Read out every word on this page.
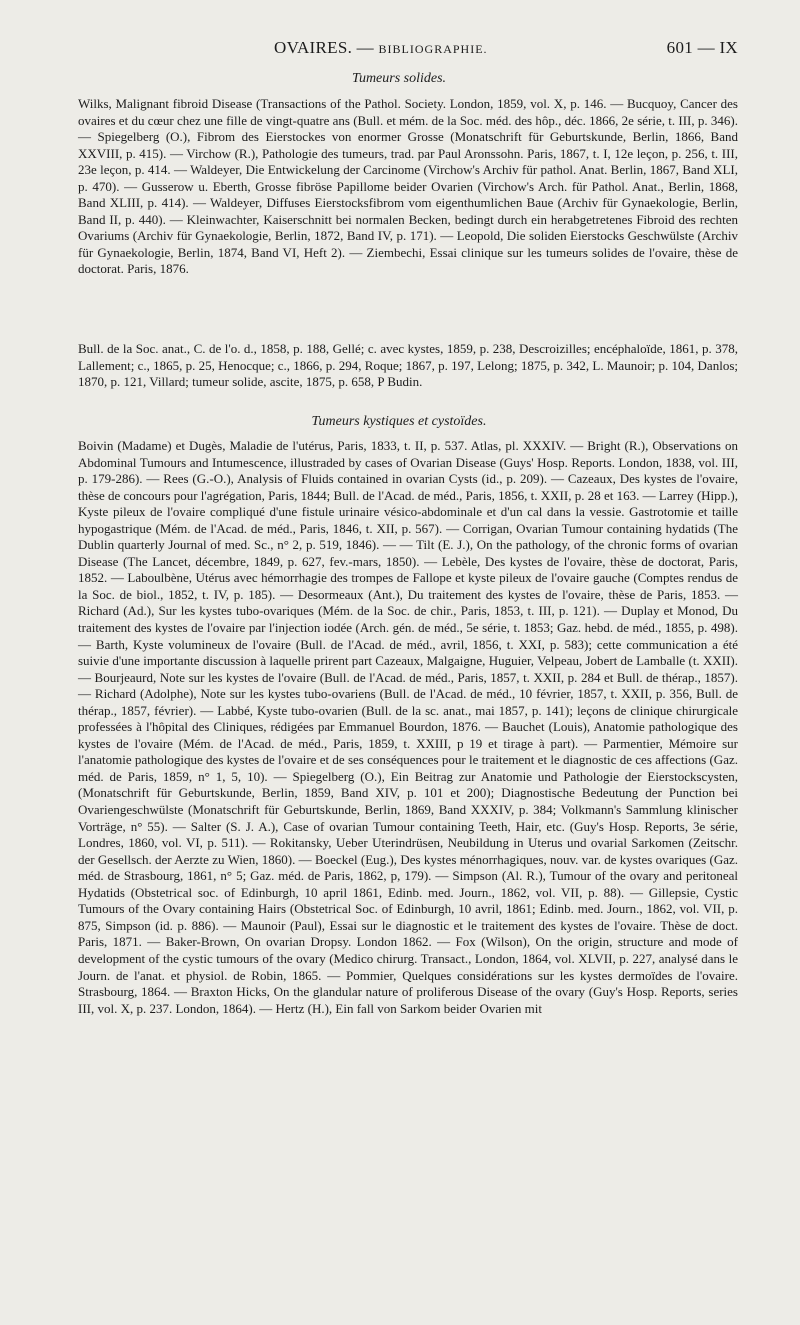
OVAIRES. — BIBLIOGRAPHIE.	601 — IX
Tumeurs solides.

Wilks, Malignant fibroid Disease (Transactions of the Pathol. Society. London, 1859, vol. X, p. 146. — Bucquoy, Cancer des ovaires et du cœur chez une fille de vingt-quatre ans (Bull. et mém. de la Soc. méd. des hôp., déc. 1866, 2e série, t. III, p. 346). — Spiegelberg (O.), Fibrom des Eierstockes von enormer Grosse (Monatschrift für Geburtskunde, Berlin, 1866, Band XXVIII, p. 415). — Virchow (R.), Pathologie des tumeurs, trad. par Paul Aronssohn. Paris, 1867, t. I, 12e leçon, p. 256, t. III, 23e leçon, p. 414. — Waldeyer, Die Entwickelung der Carcinome (Virchow's Archiv für pathol. Anat. Berlin, 1867, Band XLI, p. 470). — Gusserow u. Eberth, Grosse fibröse Papillome beider Ovarien (Virchow's Arch. für Pathol. Anat., Berlin, 1868, Band XLIII, p. 414). — Waldeyer, Diffuses Eierstocksfibrom vom eigenthumlichen Baue (Archiv für Gynaekologie, Berlin, Band II, p. 440). — Kleinwachter, Kaiserschnitt bei normalen Becken, bedingt durch ein herabgetretenes Fibroid des rechten Ovariums (Archiv für Gynaekologie, Berlin, 1872, Band IV, p. 171). — Leopold, Die soliden Eierstocks Geschwülste (Archiv für Gynaekologie, Berlin, 1874, Band VI, Heft 2). — Ziembechi, Essai clinique sur les tumeurs solides de l'ovaire, thèse de doctorat. Paris, 1876.

Bull. de la Soc. anat., C. de l'o. d., 1858, p. 188, Gellé; c. avec kystes, 1859, p. 238, Descroizilles; encéphaloïde, 1861, p. 378, Lallement; c., 1865, p. 25, Henocque; c., 1866, p. 294, Roque; 1867, p. 197, Lelong; 1875, p. 342, L. Maunoir; p. 104, Danlos; 1870, p. 121, Villard; tumeur solide, ascite, 1875, p. 658, P Budin.

Tumeurs kystiques et cystoïdes.

Boivin (Madame) et Dugès, Maladie de l'utérus, Paris, 1833, t. II, p. 537. Atlas, pl. XXXIV. — Bright (R.), Observations on Abdominal Tumours and Intumescence, illustraded by cases of Ovarian Disease (Guys' Hosp. Reports. London, 1838, vol. III, p. 179-286). — Rees (G.-O.), Analysis of Fluids contained in ovarian Cysts (id., p. 209). — Cazeaux, Des kystes de l'ovaire, thèse de concours pour l'agrégation, Paris, 1844; Bull. de l'Acad. de méd., Paris, 1856, t. XXII, p. 28 et 163. — Larrey (Hipp.), Kyste pileux de l'ovaire compliqué d'une fistule urinaire vésico-abdominale et d'un cal dans la vessie. Gastrotomie et taille hypogastrique (Mém. de l'Acad. de méd., Paris, 1846, t. XII, p. 567). — Corrigan, Ovarian Tumour containing hydatids (The Dublin quarterly Journal of med. Sc., n° 2, p. 519, 1846). — — Tilt (E. J.), On the pathology, of the chronic forms of ovarian Disease (The Lancet, décembre, 1849, p. 627, fev.-mars, 1850). — Lebèle, Des kystes de l'ovaire, thèse de doctorat, Paris, 1852. — Laboulbène, Utérus avec hémorrhagie des trompes de Fallope et kyste pileux de l'ovaire gauche (Comptes rendus de la Soc. de biol., 1852, t. IV, p. 185). — Desormeaux (Ant.), Du traitement des kystes de l'ovaire, thèse de Paris, 1853. — Richard (Ad.), Sur les kystes tubo-ovariques (Mém. de la Soc. de chir., Paris, 1853, t. III, p. 121). — Duplay et Monod, Du traitement des kystes de l'ovaire par l'injection iodée (Arch. gén. de méd., 5e série, t. 1853; Gaz. hebd. de méd., 1855, p. 498). — Barth, Kyste volumineux de l'ovaire (Bull. de l'Acad. de méd., avril, 1856, t. XXI, p. 583); cette communication a été suivie d'une importante discussion à laquelle prirent part Cazeaux, Malgaigne, Huguier, Velpeau, Jobert de Lamballe (t. XXII). — Bourjeaurd, Note sur les kystes de l'ovaire (Bull. de l'Acad. de méd., Paris, 1857, t. XXII, p. 284 et Bull. de thérap., 1857). — Richard (Adolphe), Note sur les kystes tubo-ovariens (Bull. de l'Acad. de méd., 10 février, 1857, t. XXII, p. 356, Bull. de thérap., 1857, février). — Labbé, Kyste tubo-ovarien (Bull. de la sc. anat., mai 1857, p. 141); leçons de clinique chirurgicale professées à l'hôpital des Cliniques, rédigées par Emmanuel Bourdon, 1876. — Bauchet (Louis), Anatomie pathologique des kystes de l'ovaire (Mém. de l'Acad. de méd., Paris, 1859, t. XXIII, p 19 et tirage à part). — Parmentier, Mémoire sur l'anatomie pathologique des kystes de l'ovaire et de ses conséquences pour le traitement et le diagnostic de ces affections (Gaz. méd. de Paris, 1859, n° 1, 5, 10). — Spiegelberg (O.), Ein Beitrag zur Anatomie und Pathologie der Eierstockscysten, (Monatschrift für Geburtskunde, Berlin, 1859, Band XIV, p. 101 et 200); Diagnostische Bedeutung der Punction bei Ovariengeschwülste (Monatschrift für Geburtskunde, Berlin, 1869, Band XXXIV, p. 384; Volkmann's Sammlung klinischer Vorträge, n° 55). — Salter (S. J. A.), Case of ovarian Tumour containing Teeth, Hair, etc. (Guy's Hosp. Reports, 3e série, Londres, 1860, vol. VI, p. 511). — Rokitansky, Ueber Uterindrüsen, Neubildung in Uterus und ovarial Sarkomen (Zeitschr. der Gesellsch. der Aerzte zu Wien, 1860). — Boeckel (Eug.), Des kystes ménorrhagiques, nouv. var. de kystes ovariques (Gaz. méd. de Strasbourg, 1861, n° 5; Gaz. méd. de Paris, 1862, p, 179). — Simpson (Al. R.), Tumour of the ovary and peritoneal Hydatids (Obstetrical soc. of Edinburgh, 10 april 1861, Edinb. med. Journ., 1862, vol. VII, p. 88). — Gillepsie, Cystic Tumours of the Ovary containing Hairs (Obstetrical Soc. of Edinburgh, 10 avril, 1861; Edinb. med. Journ., 1862, vol. VII, p. 875, Simpson (id. p. 886). — Maunoir (Paul), Essai sur le diagnostic et le traitement des kystes de l'ovaire. Thèse de doct. Paris, 1871. — Baker-Brown, On ovarian Dropsy. London 1862. — Fox (Wilson), On the origin, structure and mode of development of the cystic tumours of the ovary (Medico chirurg. Transact., London, 1864, vol. XLVII, p. 227, analysé dans le Journ. de l'anat. et physiol. de Robin, 1865. — Pommier, Quelques considérations sur les kystes dermoïdes de l'ovaire. Strasbourg, 1864. — Braxton Hicks, On the glandular nature of proliferous Disease of the ovary (Guy's Hosp. Reports, series III, vol. X, p. 237. London, 1864). — Hertz (H.), Ein fall von Sarkom beider Ovarien mit
